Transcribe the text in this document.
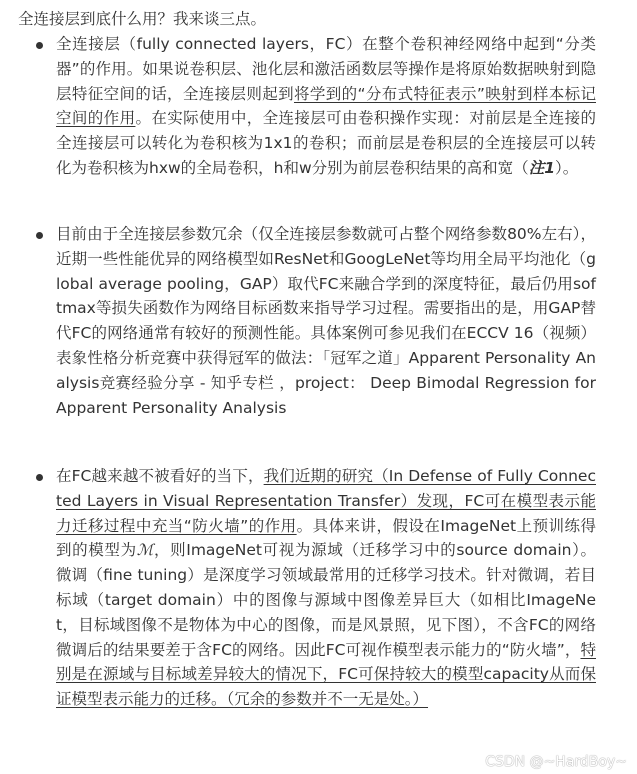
全连接层到底什么用？我来谈三点。
全连接层（fully connected layers，FC）在整个卷积神经网络中起到“分类器”的作用。如果说卷积层、池化层和激活函数层等操作是将原始数据映射到隐层特征空间的话，全连接层则起到将学到的“分布式特征表示”映射到样本标记空间的作用。在实际使用中，全连接层可由卷积操作实现：对前层是全连接的全连接层可以转化为卷积核为1x1的卷积；而前层是卷积层的全连接层可以转化为卷积核为hxw的全局卷积，h和w分别为前层卷积结果的高和宽（注1）。
目前由于全连接层参数冗余（仅全连接层参数就可占整个网络参数80%左右），近期一些性能优异的网络模型如ResNet和GoogLeNet等均用全局平均池化（global average pooling，GAP）取代FC来融合学到的深度特征，最后仍用softmax等损失函数作为网络目标函数来指导学习过程。需要指出的是，用GAP替代FC的网络通常有较好的预测性能。具体案例可参见我们在ECCV 16（视频）表象性格分析竞赛中获得冠军的做法：「冠军之道」Apparent Personality Analysis竞赛经验分享 - 知乎专栏 ，project： Deep Bimodal Regression for Apparent Personality Analysis
在FC越来越不被看好的当下，我们近期的研究（In Defense of Fully Connected Layers in Visual Representation Transfer）发现，FC可在模型表示能力迁移过程中充当“防火墙”的作用。具体来讲，假设在ImageNet上预训练得到的模型为ℳ，则ImageNet可视为源域（迁移学习中的source domain）。微调（fine tuning）是深度学习领域最常用的迁移学习技术。针对微调，若目标域（target domain）中的图像与源域中图像差异巨大（如相比ImageNet，目标域图像不是物体为中心的图像，而是风景照，见下图），不含FC的网络微调后的结果要差于含FC的网络。因此FC可视作模型表示能力的“防火墙”，特别是在源域与目标域差异较大的情况下，FC可保持较大的模型capacity从而保证模型表示能力的迁移。（冗余的参数并不一无是处。）
CSDN @~HardBoy~
